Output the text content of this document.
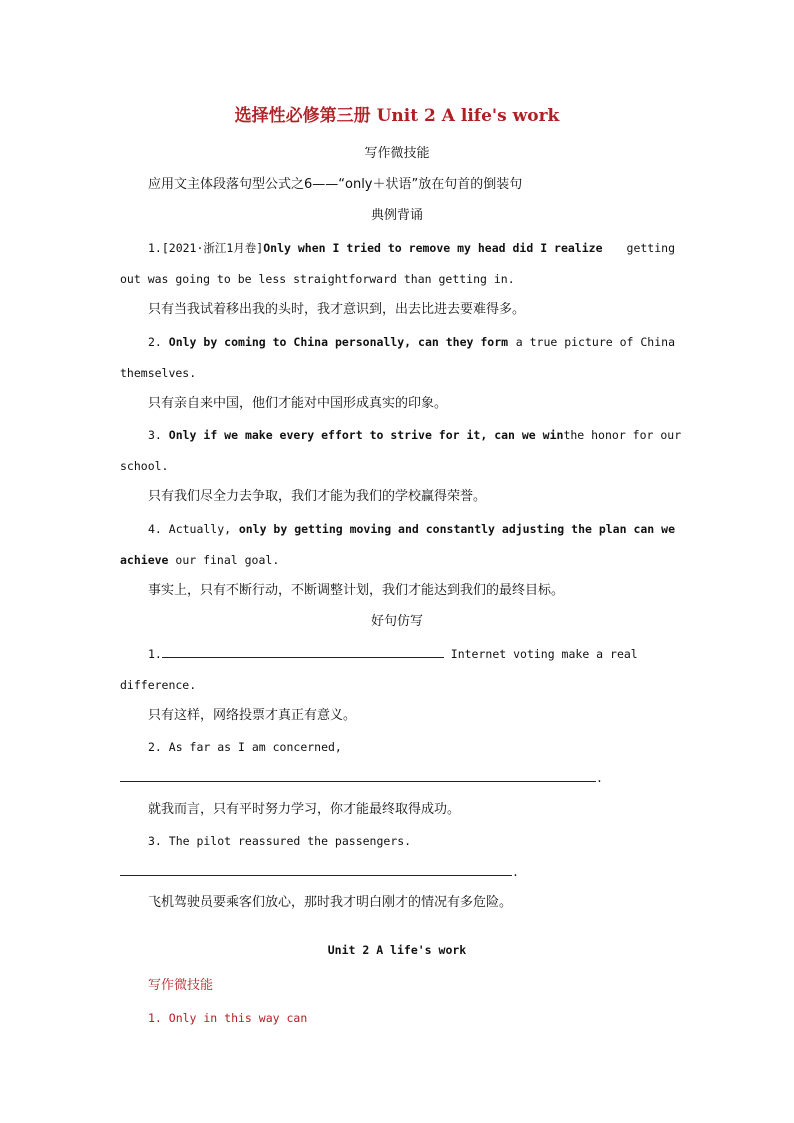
选择性必修第三册 Unit 2 A life's work
写作微技能
应用文主体段落句型公式之6——“only＋状语”放在句首的倒装句
典例背诵
1.[2021·浙江1月卷]Only when I tried to remove my head did I realize getting
out was going to be less straightforward than getting in.
只有当我试着移出我的头时，我才意识到，出去比进去要难得多。
2. Only by coming to China personally, can they form a true picture of China
themselves.
只有亲自来中国，他们才能对中国形成真实的印象。
3. Only if we make every effort to strive for it, can we win the honor for our
school.
只有我们尽全力去争取，我们才能为我们的学校赢得荣誉。
4. Actually, only by getting moving and constantly adjusting the plan can we
achieve our final goal.
事实上，只有不断行动，不断调整计划，我们才能达到我们的最终目标。
好句仿写
1.	Internet voting make a real
difference.
只有这样，网络投票才真正有意义。
2. As far as I am concerned,
.
就我而言，只有平时努力学习，你才能最终取得成功。
3. The pilot reassured the passengers.
.
飞机驾驶员要乘客们放心，那时我才明白刚才的情况有多危险。
Unit 2 A life's work
写作微技能
1. Only in this way can
